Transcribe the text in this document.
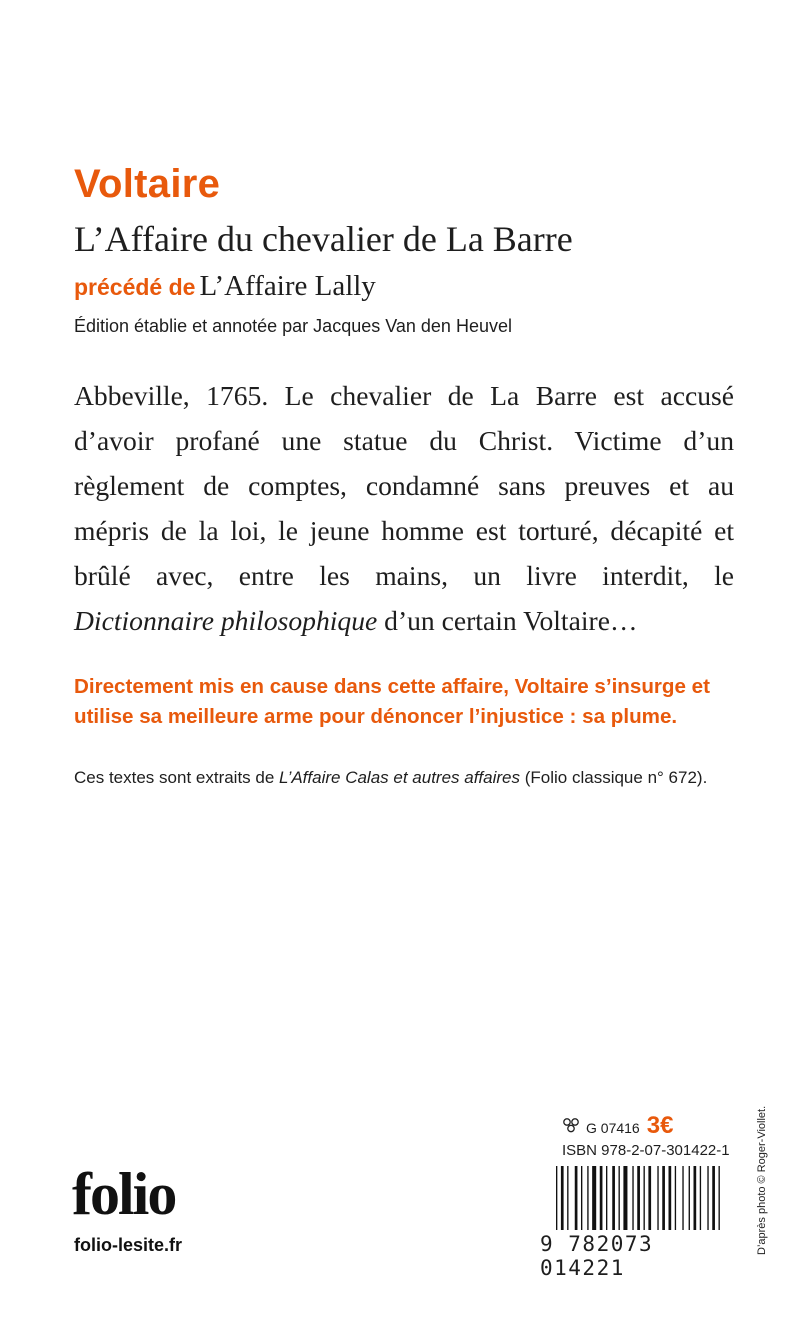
Voltaire
L’Affaire du chevalier de La Barre
précédé de L’Affaire Lally
Édition établie et annotée par Jacques Van den Heuvel
Abbeville, 1765. Le chevalier de La Barre est accusé
d’avoir profané une statue du Christ. Victime d’un
règlement de comptes, condamné sans preuves et au
mépris de la loi, le jeune homme est torturé, décapité et
brûlé avec, entre les mains, un livre interdit, le
Dictionnaire philosophique d’un certain Voltaire…
Directement mis en cause dans cette affaire, Voltaire s’insurge et utilise sa meilleure arme pour dénoncer l’injustice : sa plume.
Ces textes sont extraits de L’Affaire Calas et autres affaires (Folio classique n° 672).
folio
folio-lesite.fr
G 07416 3€
ISBN 978-2-07-301422-1
9 782073 014221
D’après photo © Roger-Viollet.
